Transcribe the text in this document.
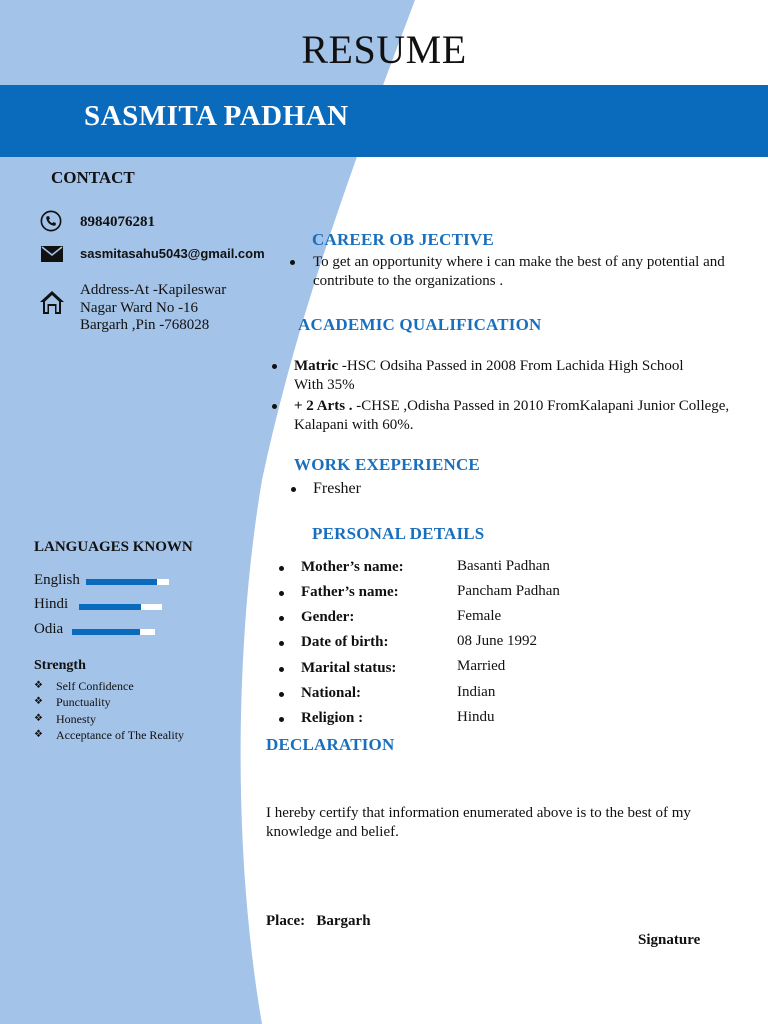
RESUME
SASMITA PADHAN
CONTACT
8984076281
sasmitasahu5043@gmail.com
Address-At -Kapileswar
Nagar Ward No -16
Bargarh ,Pin -768028
LANGUAGES KNOWN
English
Hindi
Odia
Strength
❖ Self Confidence
❖ Punctuality
❖ Honesty
❖ Acceptance of The Reality
CAREER OB JECTIVE
To get an opportunity where i can make the best of any potential and
contribute to the organizations .
ACADEMIC QUALIFICATION
Matric -HSC Odsiha Passed in 2008 From Lachida High School
With 35%
+ 2 Arts . -CHSE ,Odisha Passed in 2010 FromKalapani Junior College,
Kalapani with 60%.
WORK EXEPERIENCE
Fresher
PERSONAL DETAILS
Mother’s name:	Basanti Padhan
Father’s name:	Pancham Padhan
Gender:	Female
Date of birth:	08 June 1992
Marital status:	Married
National:	Indian
Religion :	Hindu
DECLARATION
I hereby certify that information enumerated above is to the best of my
knowledge and belief.
Place: Bargarh
Signature
